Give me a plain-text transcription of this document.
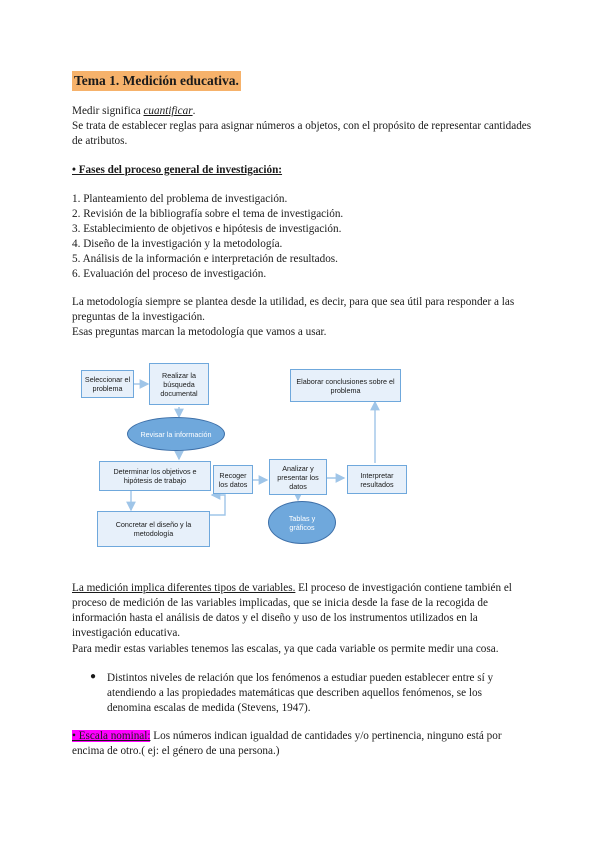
Tema 1. Medición educativa.

Medir significa cuantificar.

Se trata de establecer reglas para asignar números a objetos, con el propósito de representar cantidades de atributos.

• Fases del proceso general de investigación:

1. Planteamiento del problema de investigación.
2. Revisión de la bibliografía sobre el tema de investigación.
3. Establecimiento de objetivos e hipótesis de investigación.
4. Diseño de la investigación y la metodología.
5. Análisis de la información e interpretación de resultados.
6. Evaluación del proceso de investigación.

La metodología siempre se plantea desde la utilidad, es decir, para que sea útil para responder a las preguntas de la investigación.

Esas preguntas marcan la metodología que vamos a usar.

Seleccionar el problema
Realizar la búsqueda documental
Revisar la información
Determinar los objetivos e hipótesis de trabajo
Concretar el diseño y la metodología
Recoger los datos
Analizar y presentar los datos
Tablas y gráficos
Interpretar resultados
Elaborar conclusiones sobre el problema

La medición implica diferentes tipos de variables. El proceso de investigación contiene también el proceso de medición de las variables implicadas, que se inicia desde la fase de la recogida de información hasta el análisis de datos y el diseño y uso de los instrumentos utilizados en la investigación educativa.

Para medir estas variables tenemos las escalas, ya que cada variable os permite medir una cosa.

● Distintos niveles de relación que los fenómenos a estudiar pueden establecer entre sí y atendiendo a las propiedades matemáticas que describen aquellos fenómenos, se los denomina escalas de medida (Stevens, 1947).

• Escala nominal: Los números indican igualdad de cantidades y/o pertinencia, ninguno está por encima de otro.( ej: el género de una persona.)
